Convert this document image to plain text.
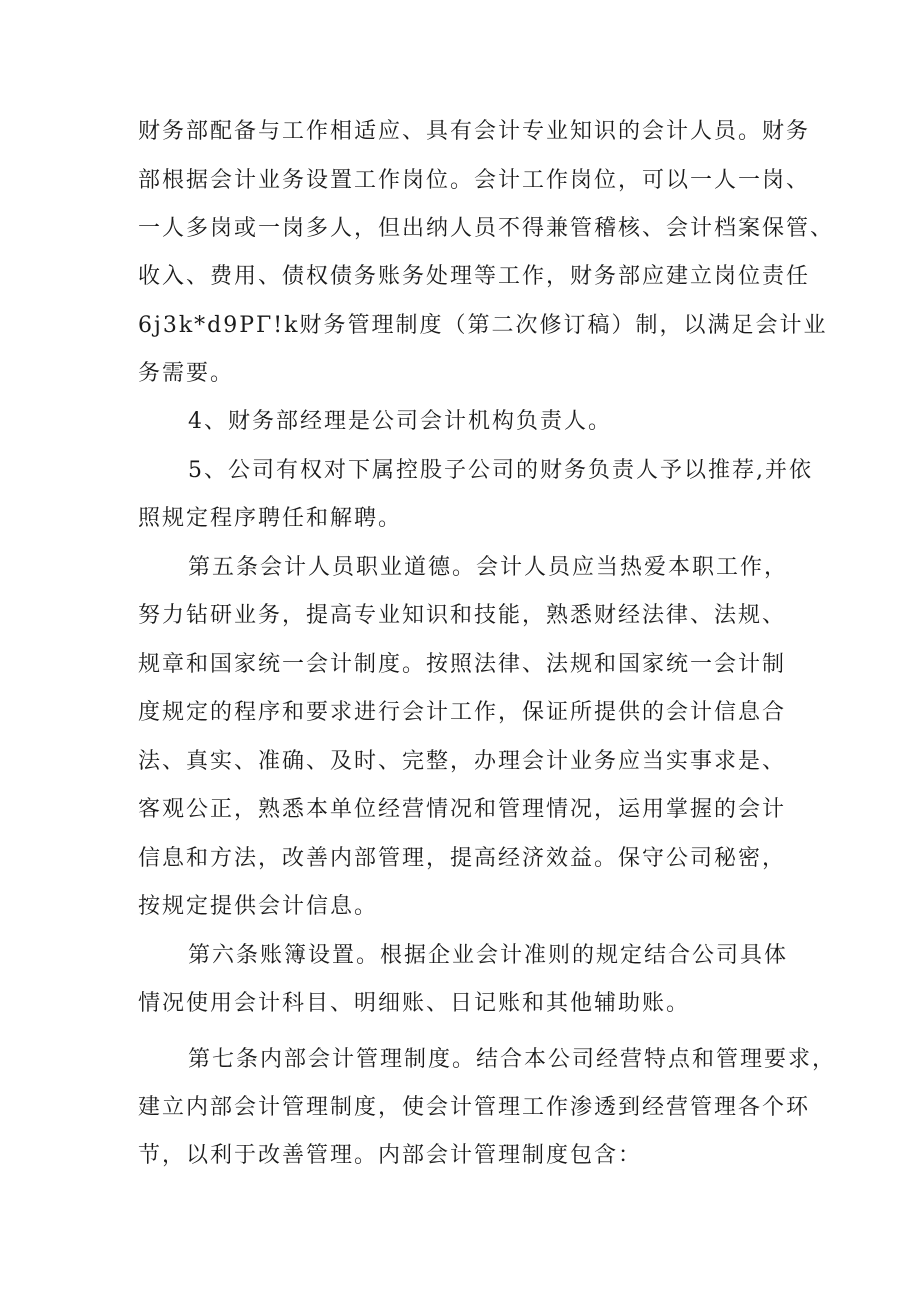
财务部配备与工作相适应、具有会计专业知识的会计人员。财务
部根据会计业务设置工作岗位。会计工作岗位，可以一人一岗、
一人多岗或一岗多人，但出纳人员不得兼管稽核、会计档案保管、
收入、费用、债权债务账务处理等工作，财务部应建立岗位责任
6j3k*d9PΓ!k财务管理制度（第二次修订稿）制，以满足会计业
务需要。
4、财务部经理是公司会计机构负责人。
5、公司有权对下属控股子公司的财务负责人予以推荐,并依
照规定程序聘任和解聘。
第五条会计人员职业道德。会计人员应当热爱本职工作，
努力钻研业务，提高专业知识和技能，熟悉财经法律、法规、
规章和国家统一会计制度。按照法律、法规和国家统一会计制
度规定的程序和要求进行会计工作，保证所提供的会计信息合
法、真实、准确、及时、完整，办理会计业务应当实事求是、
客观公正，熟悉本单位经营情况和管理情况，运用掌握的会计
信息和方法，改善内部管理，提高经济效益。保守公司秘密，
按规定提供会计信息。
第六条账簿设置。根据企业会计准则的规定结合公司具体
情况使用会计科目、明细账、日记账和其他辅助账。
第七条内部会计管理制度。结合本公司经营特点和管理要求，
建立内部会计管理制度，使会计管理工作渗透到经营管理各个环
节，以利于改善管理。内部会计管理制度包含：
